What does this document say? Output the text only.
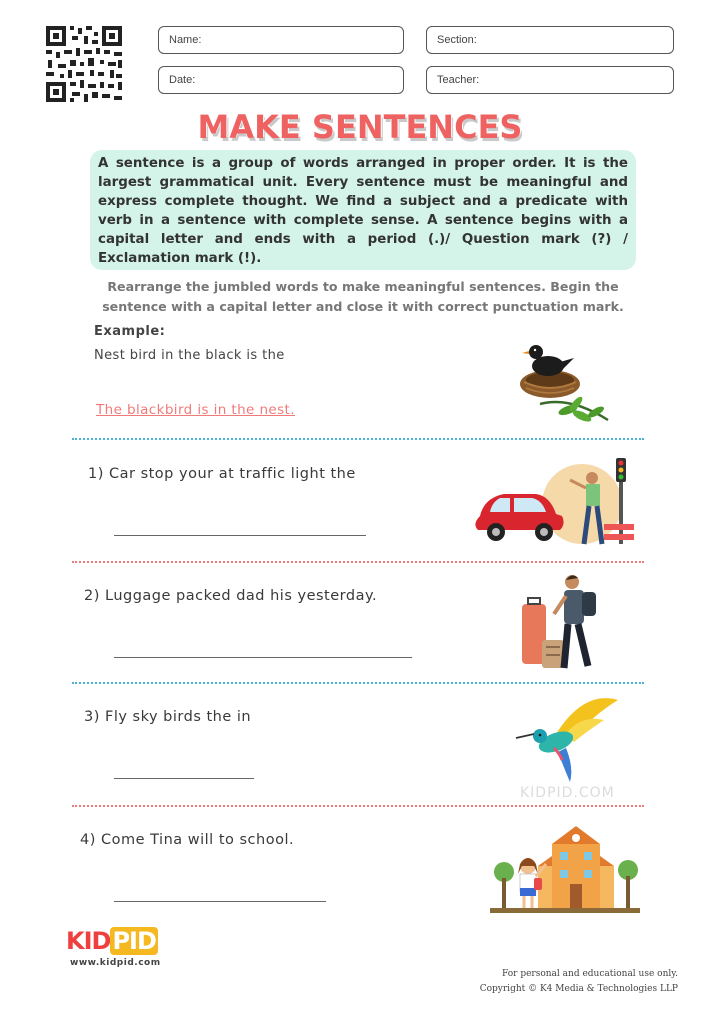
Name:	Section:
Date:	Teacher:
MAKE SENTENCES
A sentence is a group of words arranged in proper order. It is the largest grammatical unit. Every sentence must be meaningful and express complete thought. We find a subject and a predicate with verb in a sentence with complete sense. A sentence begins with a capital letter and ends with a period (.)/ Question mark (?) / Exclamation mark (!).
Rearrange the jumbled words to make meaningful sentences. Begin the sentence with a capital letter and close it with correct punctuation mark.
Example:
Nest bird in the black is the
The blackbird is in the nest.
1) Car stop your at traffic light the
2) Luggage packed dad his yesterday.
3) Fly sky birds the in
KIDPID.COM
4) Come Tina will to school.
KIDPID
www.kidpid.com
For personal and educational use only.
Copyright © K4 Media & Technologies LLP
